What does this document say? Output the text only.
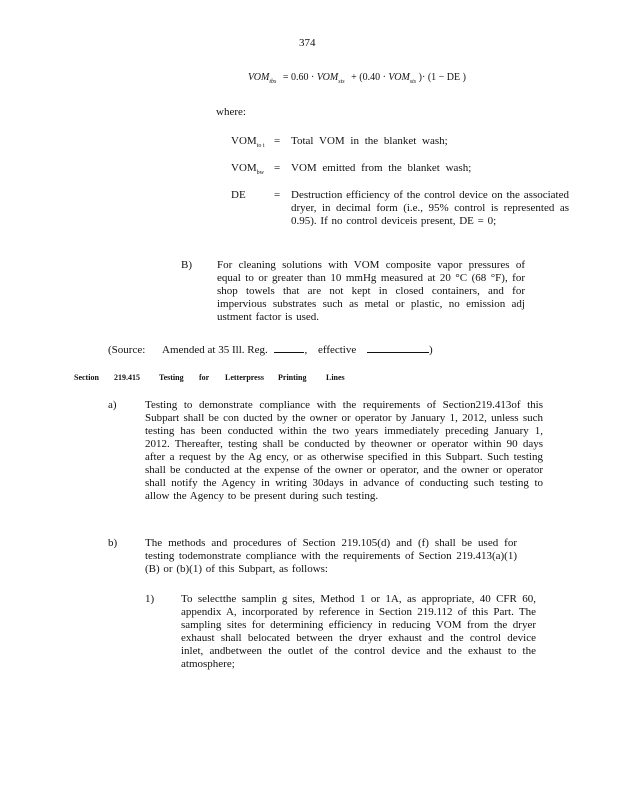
374
$VOM_{tbs} = 0.60 \cdot VOM_{sts} + (0.40 \cdot VOM_{sts}$ )· (1 − DE )
where:
$VOM_{to t}$ = Total VOM in the blanket wash;
$VOM_{bw}$ = VOM emitted from the blanket wash;
DE	= Destruction efficiency of the control device on the associated dryer, in decimal form (i.e., 95% control is represented as 0.95). If no control deviceis present, DE = 0;
B) For cleaning solutions with VOM composite vapor pressures of equal to or greater than 10 mmHg measured at 20 °C (68 °F), for shop towels that are not kept in closed containers, and for impervious substrates such as metal or plastic, no emission adj ustment factor is used.
(Source: Amended at 35 Ill. Reg.	, effective	)
Section 219.415 Testing for Letterpress Printing Lines
a)	Testing to demonstrate compliance with the requirements of Section219.413of this Subpart shall be con ducted by the owner or operator by January 1, 2012, unless such testing has been conducted within the two years immediately preceding January 1, 2012. Thereafter, testing shall be conducted by theowner or operator within 90 days after a request by the Ag ency, or as otherwise specified in this Subpart. Such testing shall be conducted at the expense of the owner or operator, and the owner or operator shall notify the Agency in writing 30days in advance of conducting such testing to allow the Agency to be present during such testing.
b)	The methods and procedures of Section 219.105(d) and (f) shall be used for testing todemonstrate compliance with the requirements of Section 219.413(a)(1)(B) or (b)(1) of this Subpart, as follows:
1) To selectthe samplin g sites, Method 1 or 1A, as appropriate, 40 CFR 60, appendix A, incorporated by reference in Section 219.112 of this Part. The sampling sites for determining efficiency in reducing VOM from the dryer exhaust shall belocated between the dryer exhaust and the control device inlet, andbetween the outlet of the control device and the exhaust to the atmosphere;
